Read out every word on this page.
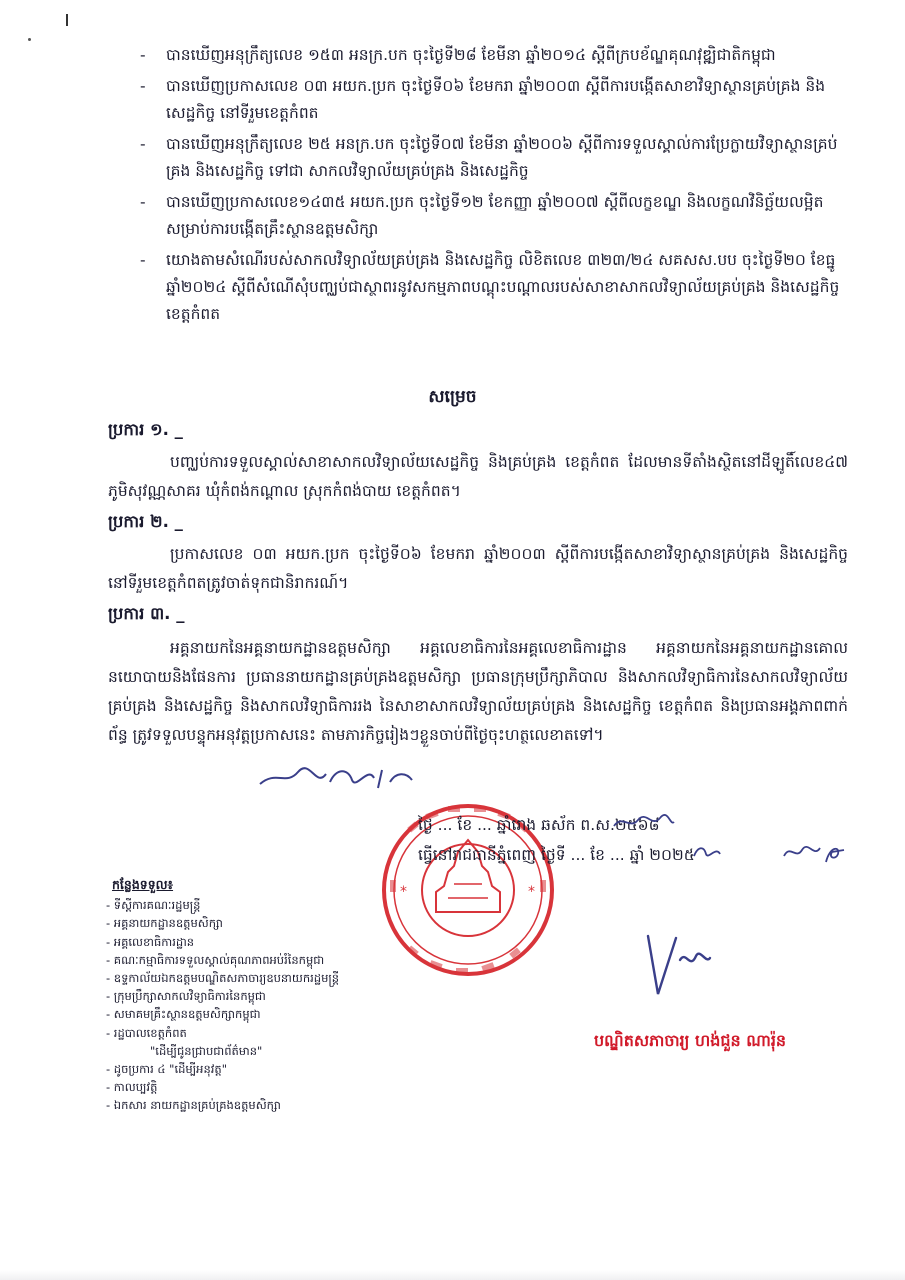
- បានឃើញអនុក្រឹត្យលេខ ១៥៣ អនក្រ.បក ចុះថ្ងៃទី២៨ ខែមីនា ឆ្នាំ២០១៤ ស្តីពីក្របខ័ណ្ឌគុណវុឌ្ឍិជាតិកម្ពុជា
- បានឃើញប្រកាសលេខ ០៣ អយក.ប្រក ចុះថ្ងៃទី០៦ ខែមករា ឆ្នាំ២០០៣ ស្តីពីការបង្កើតសាខាវិទ្យាស្ថានគ្រប់គ្រង និងសេដ្ឋកិច្ច នៅទីរួមខេត្តកំពត
- បានឃើញអនុក្រឹត្យលេខ ២៥ អនក្រ.បក ចុះថ្ងៃទី០៧ ខែមីនា ឆ្នាំ២០០៦ ស្តីពីការទទួលស្គាល់ការប្រែក្លាយវិទ្យាស្ថានគ្រប់គ្រង និងសេដ្ឋកិច្ច ទៅជា សាកលវិទ្យាល័យគ្រប់គ្រង និងសេដ្ឋកិច្ច
- បានឃើញប្រកាសលេខ១៤៣៥ អយក.ប្រក ចុះថ្ងៃទី១២ ខែកញ្ញា ឆ្នាំ២០០៧ ស្តីពីលក្ខខណ្ឌ និងលក្ខណវិនិច្ឆ័យលម្អិតសម្រាប់ការបង្កើតគ្រឹះស្ថានឧត្តមសិក្សា
- យោងតាមសំណើរបស់សាកលវិទ្យាល័យគ្រប់គ្រង និងសេដ្ឋកិច្ច លិខិតលេខ ៣២៣/២៤ សគសស.បប ចុះថ្ងៃទី២០ ខែធ្នូ ឆ្នាំ២០២៤ ស្តីពីសំណើសុំបញ្ឈប់ជាស្ថាពរនូវសកម្មភាពបណ្តុះបណ្តាលរបស់សាខាសាកលវិទ្យាល័យគ្រប់គ្រង និងសេដ្ឋកិច្ច ខេត្តកំពត
សម្រេច
ប្រការ ១. _
បញ្ឈប់ការទទួលស្គាល់សាខាសាកលវិទ្យាល័យសេដ្ឋកិច្ច និងគ្រប់គ្រង ខេត្តកំពត ដែលមានទីតាំងស្ថិតនៅដីឡូតិ៍លេខ៤៧ ភូមិសុវណ្ណសាគរ ឃុំកំពង់កណ្តាល ស្រុកកំពង់បាយ ខេត្តកំពត។
ប្រការ ២. _
ប្រកាសលេខ ០៣ អយក.ប្រក ចុះថ្ងៃទី០៦ ខែមករា ឆ្នាំ២០០៣ ស្តីពីការបង្កើតសាខាវិទ្យាស្ថានគ្រប់គ្រង និងសេដ្ឋកិច្ច នៅទីរួមខេត្តកំពតត្រូវចាត់ទុកជានិរាករណ៍។
ប្រការ ៣. _
អគ្គនាយកនៃអគ្គនាយកដ្ឋានឧត្តមសិក្សា អគ្គលេខាធិការនៃអគ្គលេខាធិការដ្ឋាន អគ្គនាយកនៃអគ្គនាយកដ្ឋានគោលនយោបាយនិងផែនការ ប្រធាននាយកដ្ឋានគ្រប់គ្រងឧត្តមសិក្សា ប្រធានក្រុមប្រឹក្សាភិបាល និងសាកលវិទ្យាធិការនៃសាកលវិទ្យាល័យគ្រប់គ្រង និងសេដ្ឋកិច្ច និងសាកលវិទ្យាធិការរង នៃសាខាសាកលវិទ្យាល័យគ្រប់គ្រង និងសេដ្ឋកិច្ច ខេត្តកំពត និងប្រធានអង្គភាពពាក់ព័ន្ធ ត្រូវទទួលបន្ទុកអនុវត្តប្រកាសនេះ តាមភារកិច្ចរៀងៗខ្លួនចាប់ពីថ្ងៃចុះហត្ថលេខាតទៅ។
*	*
ថ្ងៃ ... ខែ ... ឆ្នាំរោង ឆស័ក ព.ស.២៥៦៨
ធ្វើនៅរាជធានីភ្នំពេញ ថ្ងៃទី ... ខែ ... ឆ្នាំ ២០២៥
បណ្ឌិតសភាចារ្យ ហង់ជួន ណារ៉ុន
កន្លែងទទួល៖
- ទីស្តីការគណៈរដ្ឋមន្ត្រី
- អគ្គនាយកដ្ឋានឧត្តមសិក្សា
- អគ្គលេខាធិការដ្ឋាន
- គណៈកម្មាធិការទទួលស្គាល់គុណភាពអប់រំនៃកម្ពុជា
- ឧទ្ទកាល័យឯកឧត្តមបណ្ឌិតសភាចារ្យឧបនាយករដ្ឋមន្ត្រី
- ក្រុមប្រឹក្សាសាកលវិទ្យាធិការនៃកម្ពុជា
- សមាគមគ្រឹះស្ថានឧត្តមសិក្សាកម្ពុជា
- រដ្ឋបាលខេត្តកំពត
"ដើម្បីជូនជ្រាបជាព័ត៌មាន"
- ដូចប្រការ ៤ "ដើម្បីអនុវត្ត"
- កាលប្បវត្តិ
- ឯកសារ នាយកដ្ឋានគ្រប់គ្រងឧត្តមសិក្សា
